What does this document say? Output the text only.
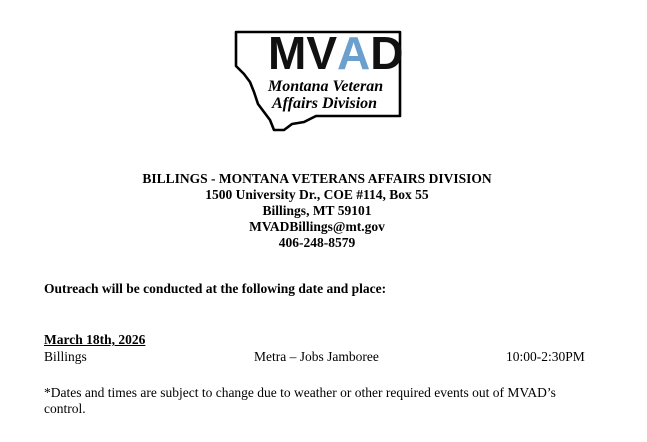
MVAD
Montana Veteran
Affairs Division
BILLINGS - MONTANA VETERANS AFFAIRS DIVISION
1500 University Dr., COE #114, Box 55
Billings, MT 59101
MVADBillings@mt.gov
406-248-8579
Outreach will be conducted at the following date and place:
March 18th, 2026
Billings	Metra – Jobs Jamboree	10:00-2:30PM
*Dates and times are subject to change due to weather or other required events out of MVAD’s control.
